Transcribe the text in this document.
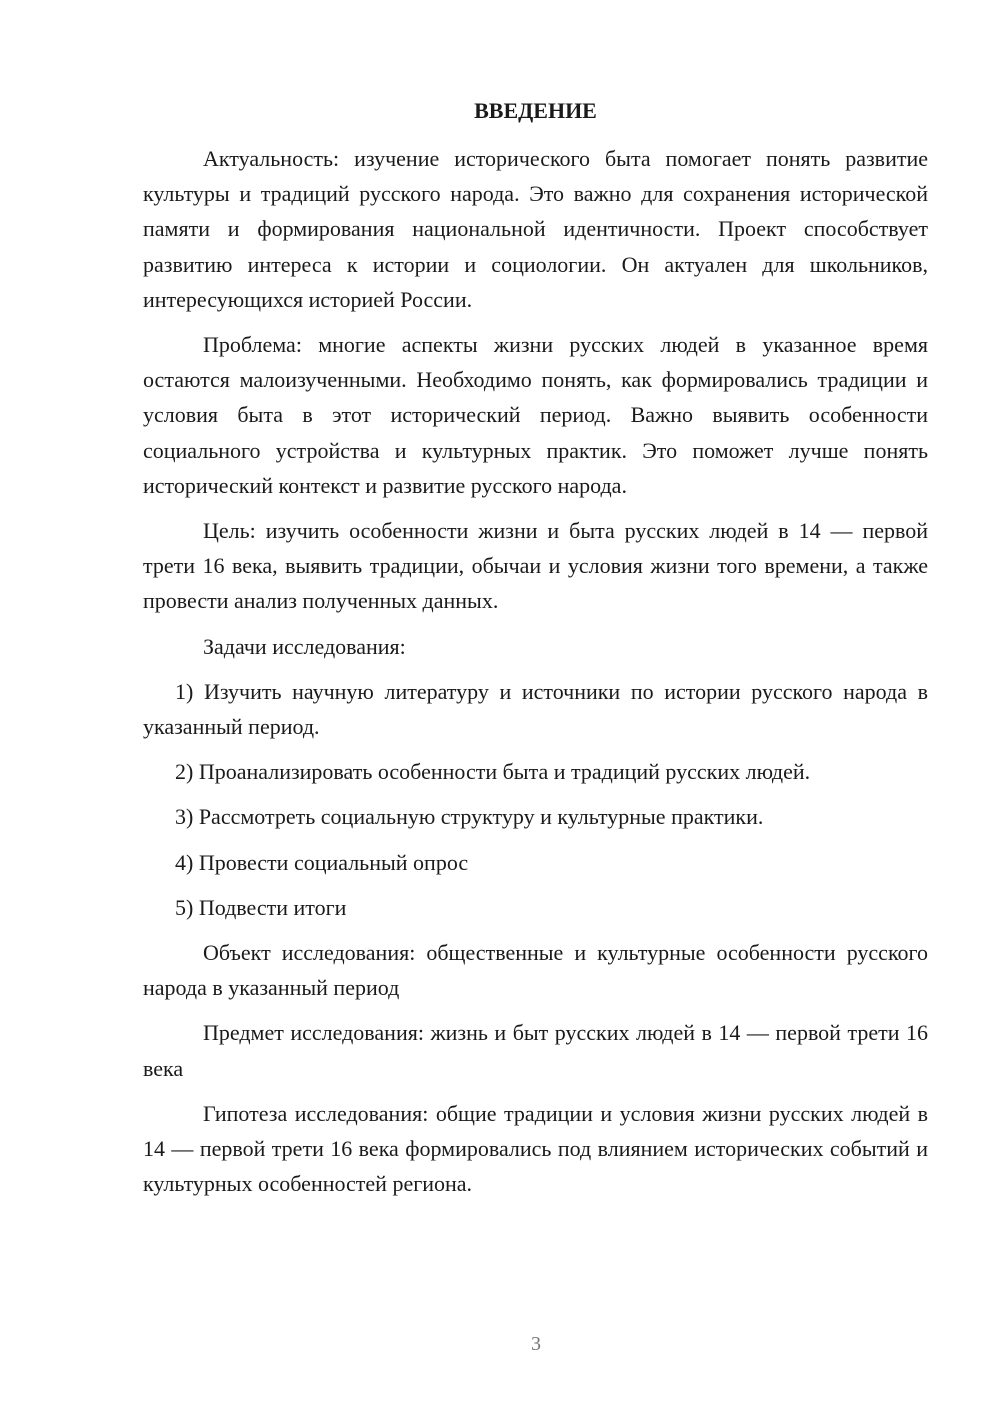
ВВЕДЕНИЕ

Актуальность: изучение исторического быта помогает понять развитие культуры и традиций русского народа. Это важно для сохранения исторической памяти и формирования национальной идентичности. Проект способствует развитию интереса к истории и социологии. Он актуален для школьников, интересующихся историей России.

Проблема: многие аспекты жизни русских людей в указанное время остаются малоизученными. Необходимо понять, как формировались традиции и условия быта в этот исторический период. Важно выявить особенности социального устройства и культурных практик. Это поможет лучше понять исторический контекст и развитие русского народа.

Цель: изучить особенности жизни и быта русских людей в 14 — первой трети 16 века, выявить традиции, обычаи и условия жизни того времени, а также провести анализ полученных данных.

Задачи исследования:

1) Изучить научную литературу и источники по истории русского народа в указанный период.

2) Проанализировать особенности быта и традиций русских людей.

3) Рассмотреть социальную структуру и культурные практики.

4) Провести социальный опрос

5) Подвести итоги

Объект исследования: общественные и культурные особенности русского народа в указанный период

Предмет исследования: жизнь и быт русских людей в 14 — первой трети 16 века

Гипотеза исследования: общие традиции и условия жизни русских людей в 14 — первой трети 16 века формировались под влиянием исторических событий и культурных особенностей региона.

3
